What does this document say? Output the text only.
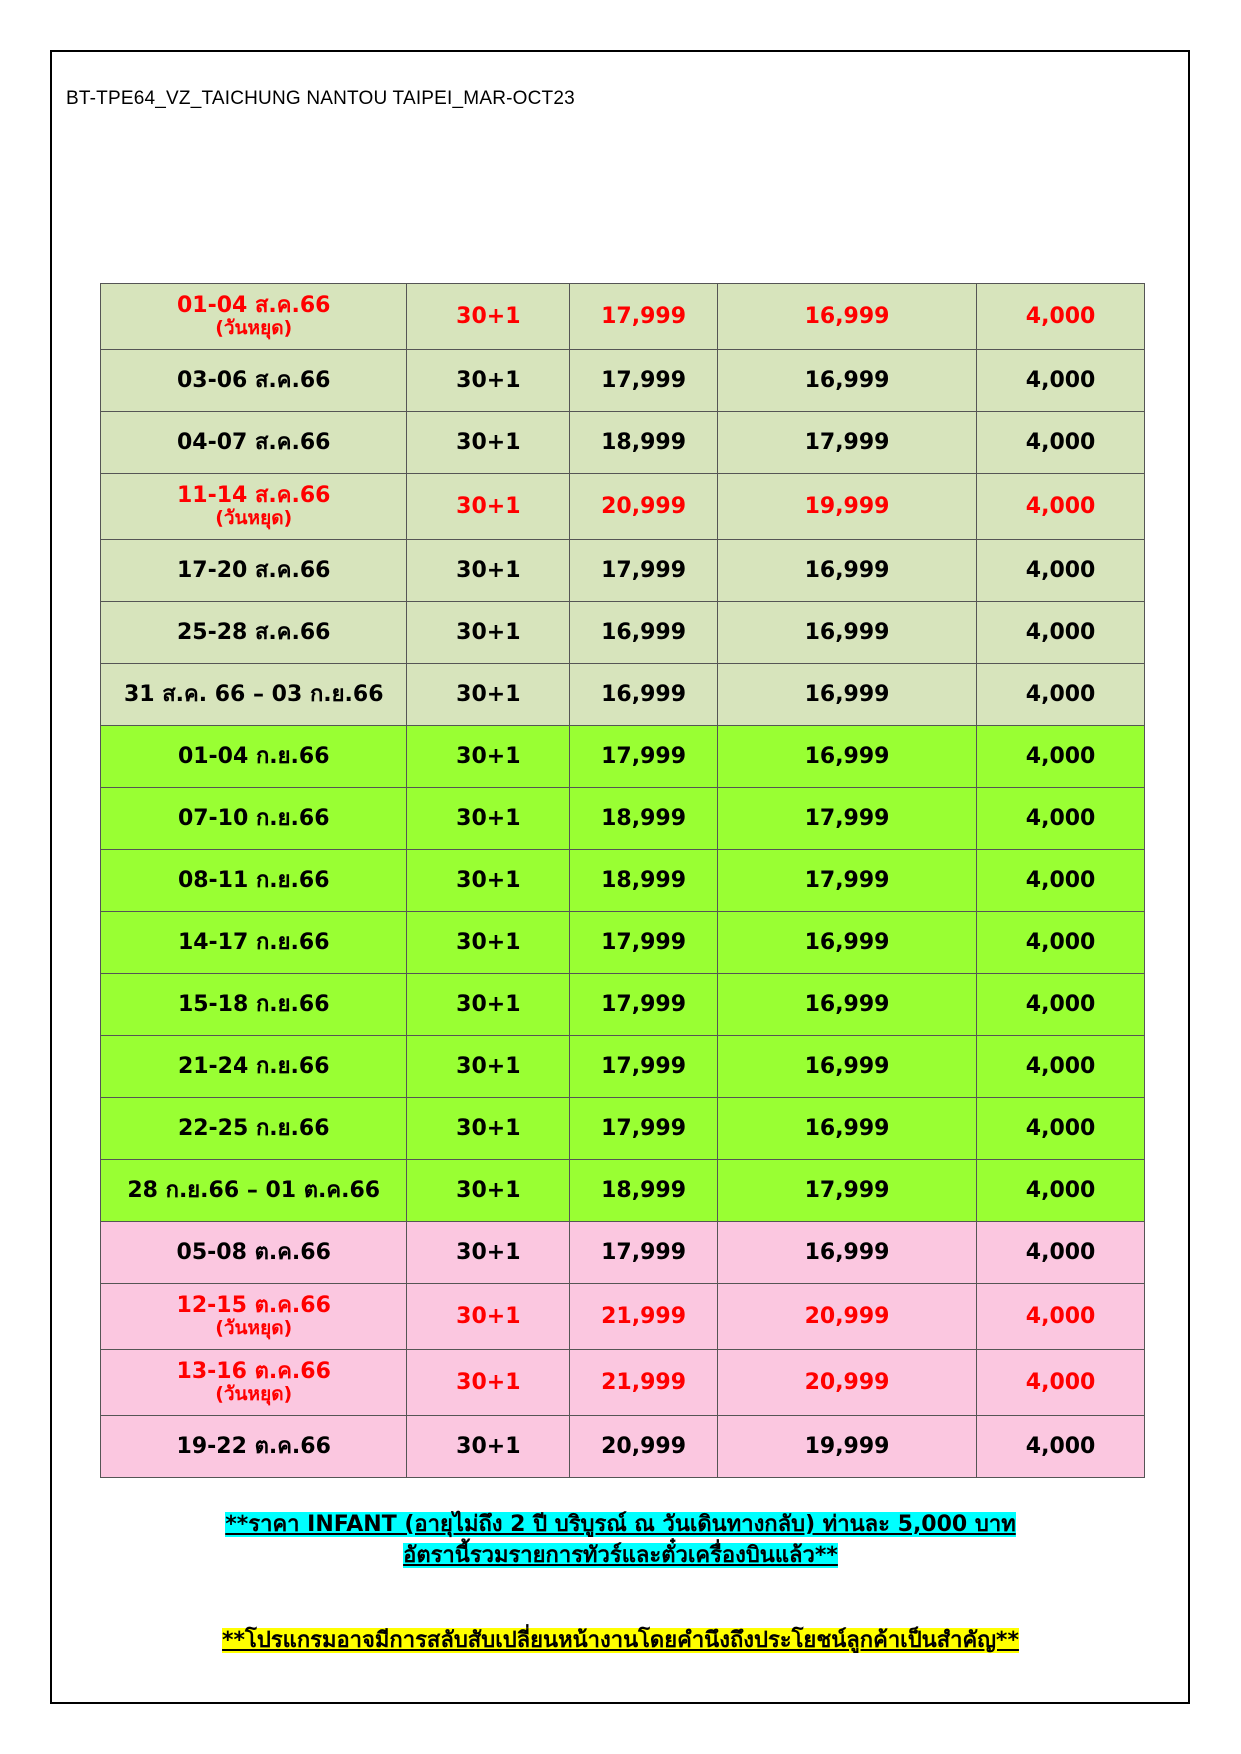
BT-TPE64_VZ_TAICHUNG NANTOU TAIPEI_MAR-OCT23
01-04 ส.ค.66
(วันหยุด)	30+1	17,999	16,999	4,000
03-06 ส.ค.66	30+1	17,999	16,999	4,000
04-07 ส.ค.66	30+1	18,999	17,999	4,000
11-14 ส.ค.66
(วันหยุด)	30+1	20,999	19,999	4,000
17-20 ส.ค.66	30+1	17,999	16,999	4,000
25-28 ส.ค.66	30+1	16,999	16,999	4,000
31 ส.ค. 66 – 03 ก.ย.66	30+1	16,999	16,999	4,000
01-04 ก.ย.66	30+1	17,999	16,999	4,000
07-10 ก.ย.66	30+1	18,999	17,999	4,000
08-11 ก.ย.66	30+1	18,999	17,999	4,000
14-17 ก.ย.66	30+1	17,999	16,999	4,000
15-18 ก.ย.66	30+1	17,999	16,999	4,000
21-24 ก.ย.66	30+1	17,999	16,999	4,000
22-25 ก.ย.66	30+1	17,999	16,999	4,000
28 ก.ย.66 – 01 ต.ค.66	30+1	18,999	17,999	4,000
05-08 ต.ค.66	30+1	17,999	16,999	4,000
12-15 ต.ค.66
(วันหยุด)	30+1	21,999	20,999	4,000
13-16 ต.ค.66
(วันหยุด)	30+1	21,999	20,999	4,000
19-22 ต.ค.66	30+1	20,999	19,999	4,000
**ราคา INFANT (อายุไม่ถึง 2 ปี บริบูรณ์ ณ วันเดินทางกลับ) ท่านละ 5,000 บาท
อัตรานี้รวมรายการทัวร์และตั๋วเครื่องบินแล้ว**
**โปรแกรมอาจมีการสลับสับเปลี่ยนหน้างานโดยคำนึงถึงประโยชน์ลูกค้าเป็นสำคัญ**
